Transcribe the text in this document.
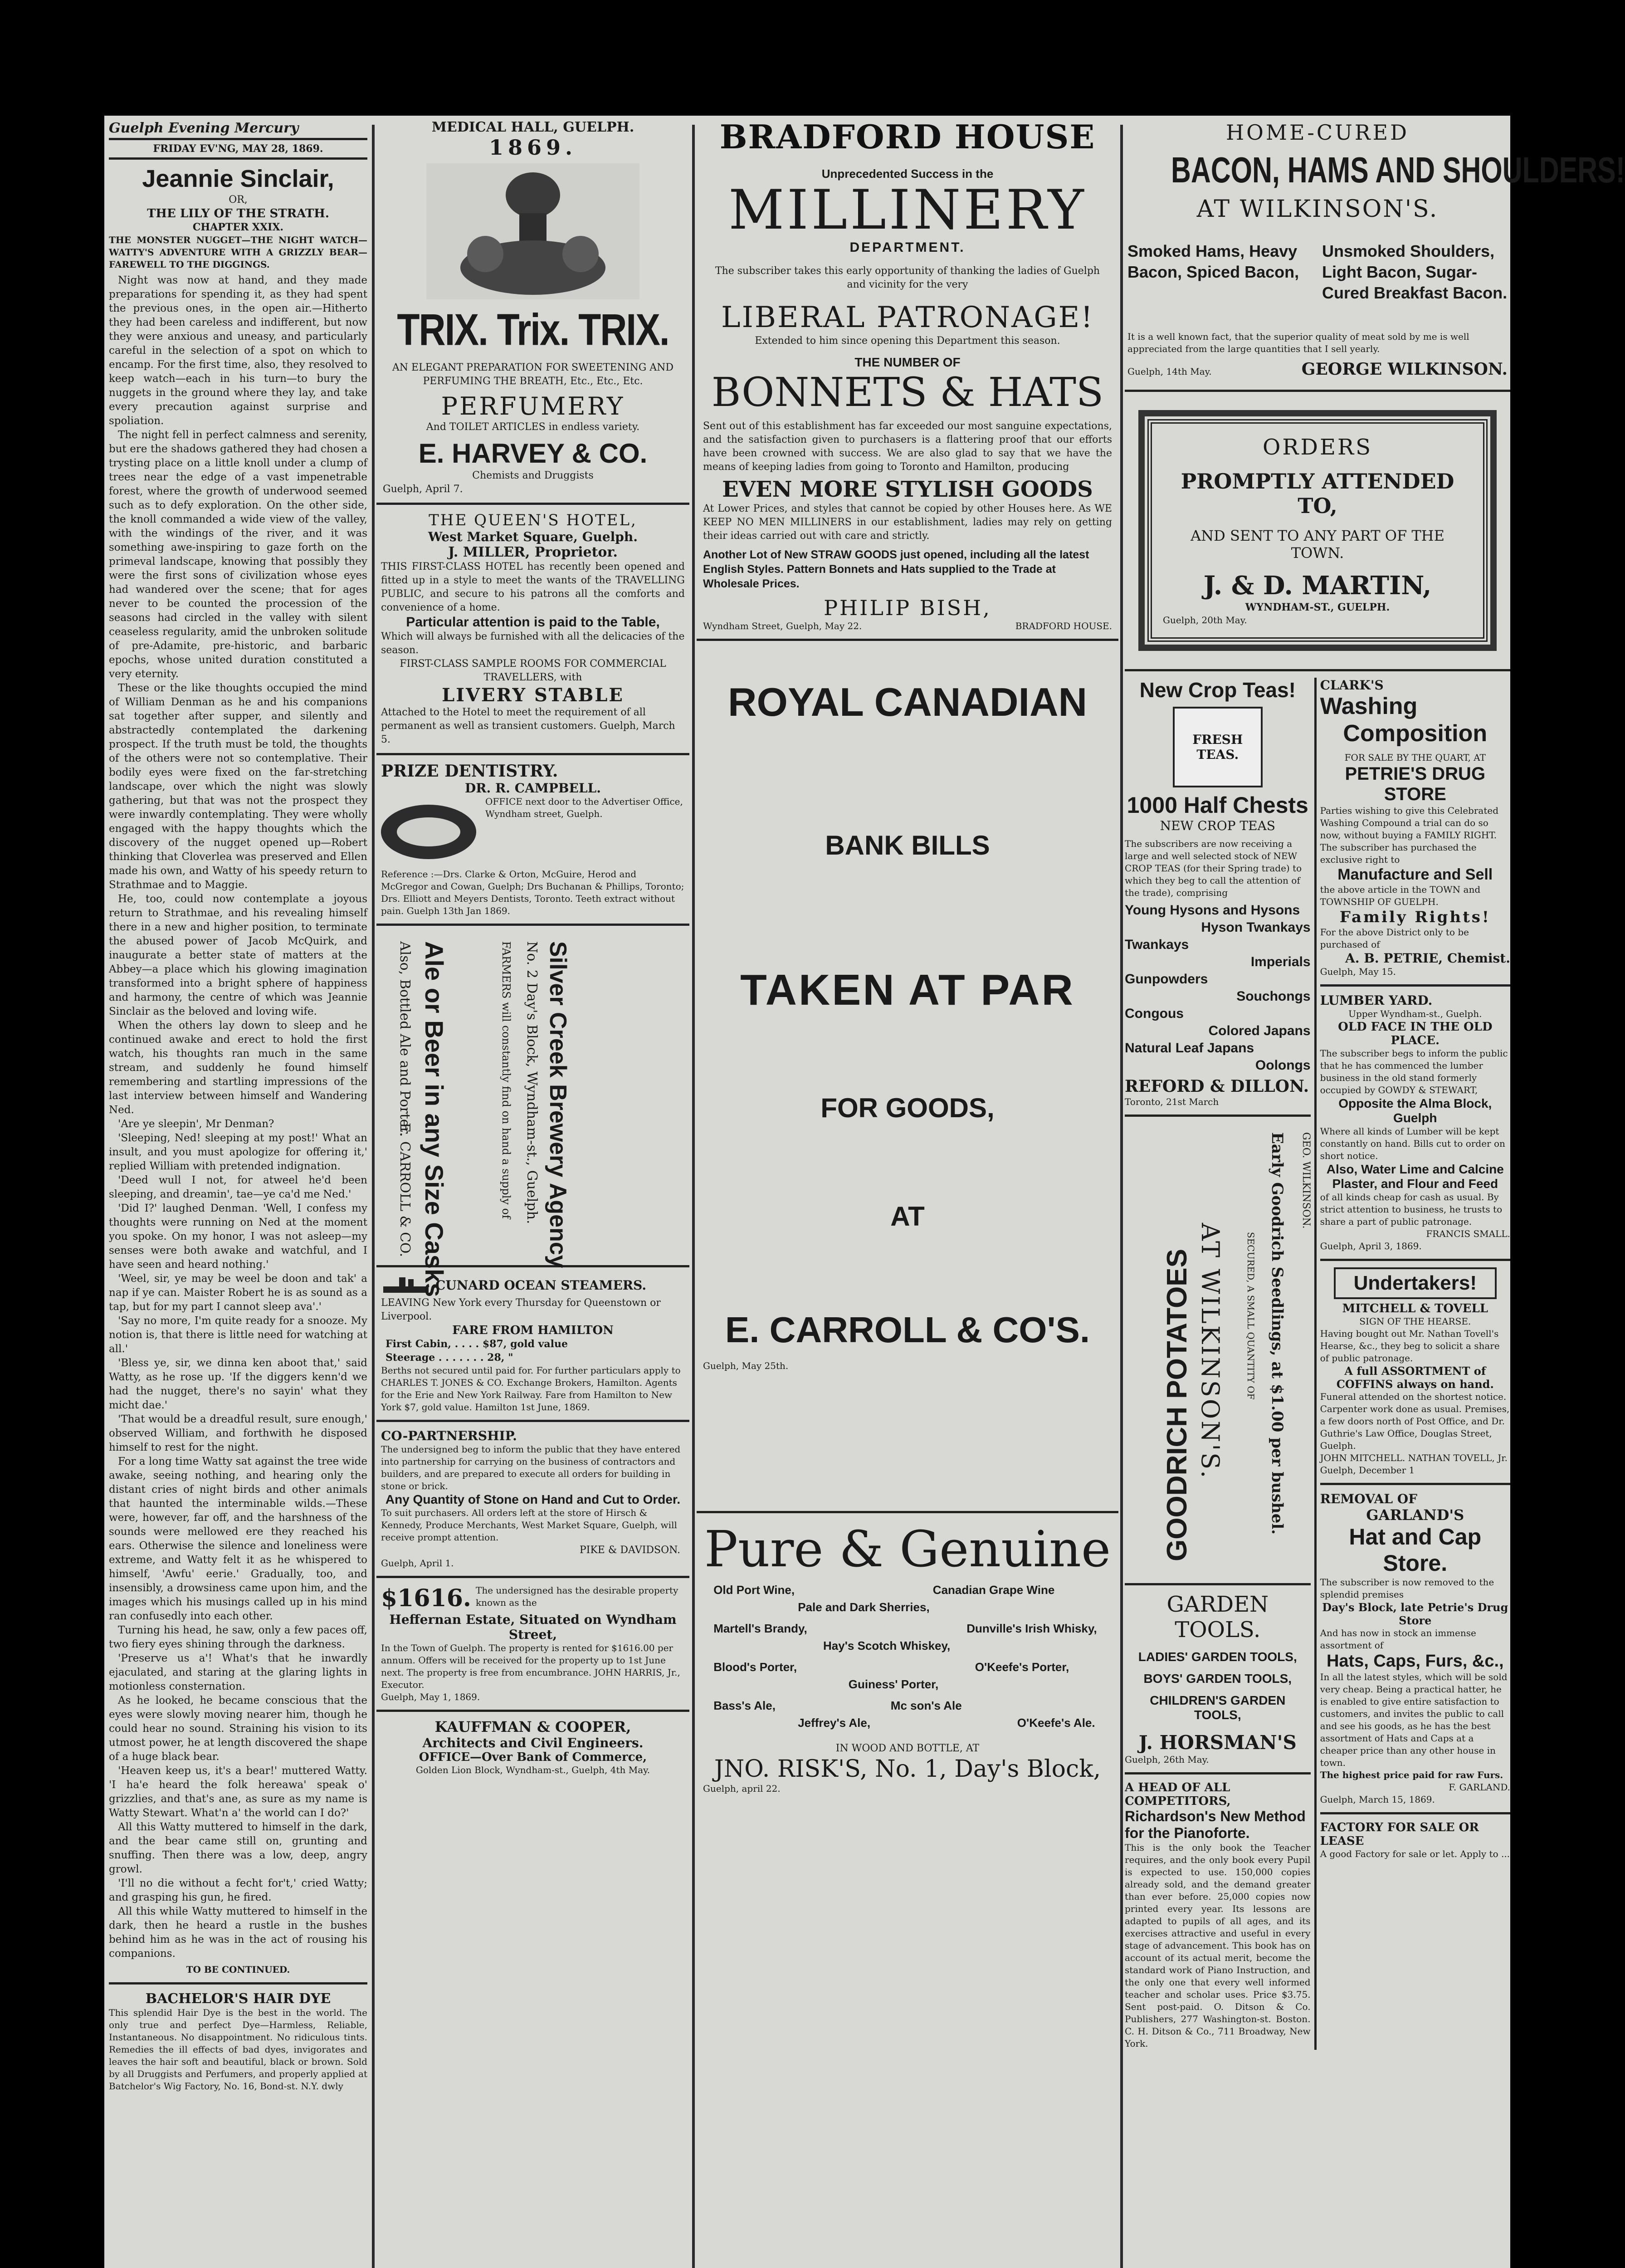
Guelph Evening Mercury
FRIDAY EV'NG, MAY 28, 1869.
Jeannie Sinclair,
OR,
THE LILY OF THE STRATH.
CHAPTER XXIX.
THE MONSTER NUGGET—THE NIGHT WATCH—WATTY'S ADVENTURE WITH A GRIZZLY BEAR—FAREWELL TO THE DIGGINGS.
Night was now at hand, and they made preparations for spending it, as they had spent the previous ones, in the open air.—Hitherto they had been careless and indifferent, but now they were anxious and uneasy, and particularly careful in the selection of a spot on which to encamp. For the first time, also, they resolved to keep watch—each in his turn—to bury the nuggets in the ground where they lay, and take every precaution against surprise and spoliation.
The night fell in perfect calmness and serenity, but ere the shadows gathered they had chosen a trysting place on a little knoll under a clump of trees near the edge of a vast impenetrable forest, where the growth of underwood seemed such as to defy exploration. On the other side, the knoll commanded a wide view of the valley, with the windings of the river, and it was something awe-inspiring to gaze forth on the primeval landscape, knowing that possibly they were the first sons of civilization whose eyes had wandered over the scene; that for ages never to be counted the procession of the seasons had circled in the valley with silent ceaseless regularity, amid the unbroken solitude of pre-Adamite, pre-historic, and barbaric epochs, whose united duration constituted a very eternity.
These or the like thoughts occupied the mind of William Denman as he and his companions sat together after supper, and silently and abstractedly contemplated the darkening prospect. If the truth must be told, the thoughts of the others were not so contemplative. Their bodily eyes were fixed on the far-stretching landscape, over which the night was slowly gathering, but that was not the prospect they were inwardly contemplating. They were wholly engaged with the happy thoughts which the discovery of the nugget opened up—Robert thinking that Cloverlea was preserved and Ellen made his own, and Watty of his speedy return to Strathmae and to Maggie.
He, too, could now contemplate a joyous return to Strathmae, and his revealing himself there in a new and higher position, to terminate the abused power of Jacob McQuirk, and inaugurate a better state of matters at the Abbey—a place which his glowing imagination transformed into a bright sphere of happiness and harmony, the centre of which was Jeannie Sinclair as the beloved and loving wife.
When the others lay down to sleep and he continued awake and erect to hold the first watch, his thoughts ran much in the same stream, and suddenly he found himself remembering and startling impressions of the last interview between himself and Wandering Ned.
'Are ye sleepin', Mr Denman?
'Sleeping, Ned! sleeping at my post!' What an insult, and you must apologize for offering it,' replied William with pretended indignation.
'Deed wull I not, for atweel he'd been sleeping, and dreamin', tae—ye ca'd me Ned.'
'Did I?' laughed Denman. 'Well, I confess my thoughts were running on Ned at the moment you spoke. On my honor, I was not asleep—my senses were both awake and watchful, and I have seen and heard nothing.'
'Weel, sir, ye may be weel be doon and tak' a nap if ye can. Maister Robert he is as sound as a tap, but for my part I cannot sleep ava'.'
'Say no more, I'm quite ready for a snooze. My notion is, that there is little need for watching at all.'
'Bless ye, sir, we dinna ken aboot that,' said Watty, as he rose up. 'If the diggers kenn'd we had the nugget, there's no sayin' what they micht dae.'
'That would be a dreadful result, sure enough,' observed William, and forthwith he disposed himself to rest for the night.
For a long time Watty sat against the tree wide awake, seeing nothing, and hearing only the distant cries of night birds and other animals that haunted the interminable wilds.—These were, however, far off, and the harshness of the sounds were mellowed ere they reached his ears. Otherwise the silence and loneliness were extreme, and Watty felt it as he whispered to himself, 'Awfu' eerie.' Gradually, too, and insensibly, a drowsiness came upon him, and the images which his musings called up in his mind ran confusedly into each other.
Turning his head, he saw, only a few paces off, two fiery eyes shining through the darkness.
'Preserve us a'! What's that he inwardly ejaculated, and staring at the glaring lights in motionless consternation.
As he looked, he became conscious that the eyes were slowly moving nearer him, though he could hear no sound. Straining his vision to its utmost power, he at length discovered the shape of a huge black bear.
'Heaven keep us, it's a bear!' muttered Watty. 'I ha'e heard the folk hereawa' speak o' grizzlies, and that's ane, as sure as my name is Watty Stewart. What'n a' the world can I do?'
All this Watty muttered to himself in the dark, and the bear came still on, grunting and snuffing. Then there was a low, deep, angry growl.
'I'll no die without a fecht for't,' cried Watty; and grasping his gun, he fired.
All this while Watty muttered to himself in the dark, then he heard a rustle in the bushes behind him as he was in the act of rousing his companions.
TO BE CONTINUED.
BACHELOR'S HAIR DYE
This splendid Hair Dye is the best in the world. The only true and perfect Dye—Harmless, Reliable, Instantaneous. No disappointment. No ridiculous tints. Remedies the ill effects of bad dyes, invigorates and leaves the hair soft and beautiful, black or brown. Sold by all Druggists and Perfumers, and properly applied at Batchelor's Wig Factory, No. 16, Bond-st. N.Y. dwly
MEDICAL HALL, GUELPH.
1869.
TRIX. Trix. TRIX.
AN ELEGANT PREPARATION FOR SWEETENING AND PERFUMING THE BREATH, Etc., Etc., Etc.
PERFUMERY
And TOILET ARTICLES in endless variety.
E. HARVEY & CO.
Chemists and Druggists
Guelph, April 7.
THE QUEEN'S HOTEL,
West Market Square, Guelph.
J. MILLER, Proprietor.
THIS FIRST-CLASS HOTEL has recently been opened and fitted up in a style to meet the wants of the TRAVELLING PUBLIC, and secure to his patrons all the comforts and convenience of a home.
Particular attention is paid to the Table,
Which will always be furnished with all the delicacies of the season.
FIRST-CLASS SAMPLE ROOMS FOR COMMERCIAL TRAVELLERS, with
LIVERY STABLE
Attached to the Hotel to meet the requirement of all permanent as well as transient customers. Guelph, March 5.
PRIZE DENTISTRY.
DR. R. CAMPBELL.
OFFICE next door to the Advertiser Office, Wyndham street, Guelph.
Reference :—Drs. Clarke & Orton, McGuire, Herod and McGregor and Cowan, Guelph; Drs Buchanan & Phillips, Toronto; Drs. Elliott and Meyers Dentists, Toronto. Teeth extract without pain. Guelph 13th Jan 1869.
Ale or Beer in any Size Casks
Also, Bottled Ale and Porter.
E. CARROLL & CO.	Silver Creek Brewery Agency
No. 2 Day's Block, Wyndham-st., Guelph.
FARMERS will constantly find on hand a supply of
CUNARD OCEAN STEAMERS.
LEAVING New York every Thursday for Queenstown or Liverpool.
FARE FROM HAMILTON
First Cabin, . . . . $87, gold value
Steerage . . . . . . . 28, "
Berths not secured until paid for. For further particulars apply to CHARLES T. JONES & CO. Exchange Brokers, Hamilton. Agents for the Erie and New York Railway. Fare from Hamilton to New York $7, gold value. Hamilton 1st June, 1869.
CO-PARTNERSHIP.
The undersigned beg to inform the public that they have entered into partnership for carrying on the business of contractors and builders, and are prepared to execute all orders for building in stone or brick.
Any Quantity of Stone on Hand and Cut to Order.
To suit purchasers. All orders left at the store of Hirsch & Kennedy, Produce Merchants, West Market Square, Guelph, will receive prompt attention.
PIKE & DAVIDSON.
Guelph, April 1.
$1616. The undersigned has the desirable property known as the
Heffernan Estate, Situated on Wyndham Street,
In the Town of Guelph. The property is rented for $1616.00 per annum. Offers will be received for the property up to 1st June next. The property is free from encumbrance. JOHN HARRIS, Jr., Executor.
Guelph, May 1, 1869.
KAUFFMAN & COOPER,
Architects and Civil Engineers.
OFFICE—Over Bank of Commerce,
Golden Lion Block, Wyndham-st., Guelph, 4th May.
BRADFORD HOUSE
Unprecedented Success in the
MILLINERY
DEPARTMENT.
The subscriber takes this early opportunity of thanking the ladies of Guelph and vicinity for the very
LIBERAL PATRONAGE!
Extended to him since opening this Department this season.
THE NUMBER OF
BONNETS & HATS
Sent out of this establishment has far exceeded our most sanguine expectations, and the satisfaction given to purchasers is a flattering proof that our efforts have been crowned with success. We are also glad to say that we have the means of keeping ladies from going to Toronto and Hamilton, producing
EVEN MORE STYLISH GOODS
At Lower Prices, and styles that cannot be copied by other Houses here. As WE KEEP NO MEN MILLINERS in our establishment, ladies may rely on getting their ideas carried out with care and strictly.
Another Lot of New STRAW GOODS just opened, including all the latest English Styles. Pattern Bonnets and Hats supplied to the Trade at Wholesale Prices.
PHILIP BISH,
Wyndham Street, Guelph, May 22.	BRADFORD HOUSE.
ROYAL CANADIAN
BANK BILLS
TAKEN AT PAR
FOR GOODS,
AT
E. CARROLL & CO'S.
Guelph, May 25th.
Pure & Genuine
Old Port Wine,
Pale and Dark Sherries,
Canadian Grape Wine
Martell's Brandy,
Hay's Scotch Whiskey,
Dunville's Irish Whisky,
Blood's Porter,
Guiness' Porter,
O'Keefe's Porter,
Bass's Ale,
Jeffrey's Ale,
Mc son's Ale
O'Keefe's Ale.
IN WOOD AND BOTTLE, AT
JNO. RISK'S, No. 1, Day's Block,
Guelph, april 22.
HOME-CURED
BACON, HAMS AND SHOULDERS!
AT WILKINSON'S.
Smoked Hams, Heavy Bacon, Spiced Bacon,
Unsmoked Shoulders, Light Bacon, Sugar-Cured Breakfast Bacon.
It is a well known fact, that the superior quality of meat sold by me is well appreciated from the large quantities that I sell yearly.
Guelph, 14th May.	GEORGE WILKINSON.
ORDERS
PROMPTLY ATTENDED TO,
AND SENT TO ANY PART OF THE TOWN.
J. & D. MARTIN,
WYNDHAM-ST., GUELPH.
Guelph, 20th May.
New Crop Teas!
FRESH
TEAS.
1000 Half Chests
NEW CROP TEAS
The subscribers are now receiving a large and well selected stock of NEW CROP TEAS (for their Spring trade) to which they beg to call the attention of the trade), comprising
Young Hysons and Hysons
Hyson Twankays
Twankays
Imperials
Gunpowders
Souchongs
Congous
Colored Japans
Natural Leaf Japans
Oolongs
REFORD & DILLON.
Toronto, 21st March
GOODRICH POTATOES AT WILKINSON'S. SECURED, A SMALL QUANTITY OF Early Goodrich Seedlings, at $1.00 per bushel. GEO. WILKINSON.
GARDEN TOOLS.
LADIES' GARDEN TOOLS,
BOYS' GARDEN TOOLS,
CHILDREN'S GARDEN TOOLS,
J. HORSMAN'S
Guelph, 26th May.
A HEAD OF ALL COMPETITORS,
Richardson's New Method for the Pianoforte.
This is the only book the Teacher requires, and the only book every Pupil is expected to use. 150,000 copies already sold, and the demand greater than ever before. 25,000 copies now printed every year. Its lessons are adapted to pupils of all ages, and its exercises attractive and useful in every stage of advancement. This book has on account of its actual merit, become the standard work of Piano Instruction, and the only one that every well informed teacher and scholar uses. Price $3.75. Sent post-paid. O. Ditson & Co. Publishers, 277 Washington-st. Boston. C. H. Ditson & Co., 711 Broadway, New York.
CLARK'S
Washing
Composition
FOR SALE BY THE QUART, AT
PETRIE'S DRUG STORE
Parties wishing to give this Celebrated Washing Compound a trial can do so now, without buying a FAMILY RIGHT.
The subscriber has purchased the exclusive right to
Manufacture and Sell
the above article in the TOWN and TOWNSHIP OF GUELPH.
Family Rights!
For the above District only to be purchased of
A. B. PETRIE, Chemist.
Guelph, May 15.
LUMBER YARD.
Upper Wyndham-st., Guelph.
OLD FACE IN THE OLD PLACE.
The subscriber begs to inform the public that he has commenced the lumber business in the old stand formerly occupied by GOWDY & STEWART,
Opposite the Alma Block, Guelph
Where all kinds of Lumber will be kept constantly on hand. Bills cut to order on short notice.
Also, Water Lime and Calcine Plaster, and Flour and Feed
of all kinds cheap for cash as usual. By strict attention to business, he trusts to share a part of public patronage.
FRANCIS SMALL.
Guelph, April 3, 1869.
Undertakers!
MITCHELL & TOVELL
SIGN OF THE HEARSE.
Having bought out Mr. Nathan Tovell's Hearse, &c., they beg to solicit a share of public patronage.
A full ASSORTMENT of COFFINS always on hand.
Funeral attended on the shortest notice. Carpenter work done as usual. Premises, a few doors north of Post Office, and Dr. Guthrie's Law Office, Douglas Street, Guelph.
JOHN MITCHELL. NATHAN TOVELL, Jr.
Guelph, December 1
REMOVAL OF
GARLAND'S
Hat and Cap Store.
The subscriber is now removed to the splendid premises
Day's Block, late Petrie's Drug Store
And has now in stock an immense assortment of
Hats, Caps, Furs, &c.,
In all the latest styles, which will be sold very cheap. Being a practical hatter, he is enabled to give entire satisfaction to customers, and invites the public to call and see his goods, as he has the best assortment of Hats and Caps at a cheaper price than any other house in town.
The highest price paid for raw Furs.
F. GARLAND.
Guelph, March 15, 1869.
FACTORY FOR SALE OR LEASE
A good Factory for sale or let. Apply to ...
